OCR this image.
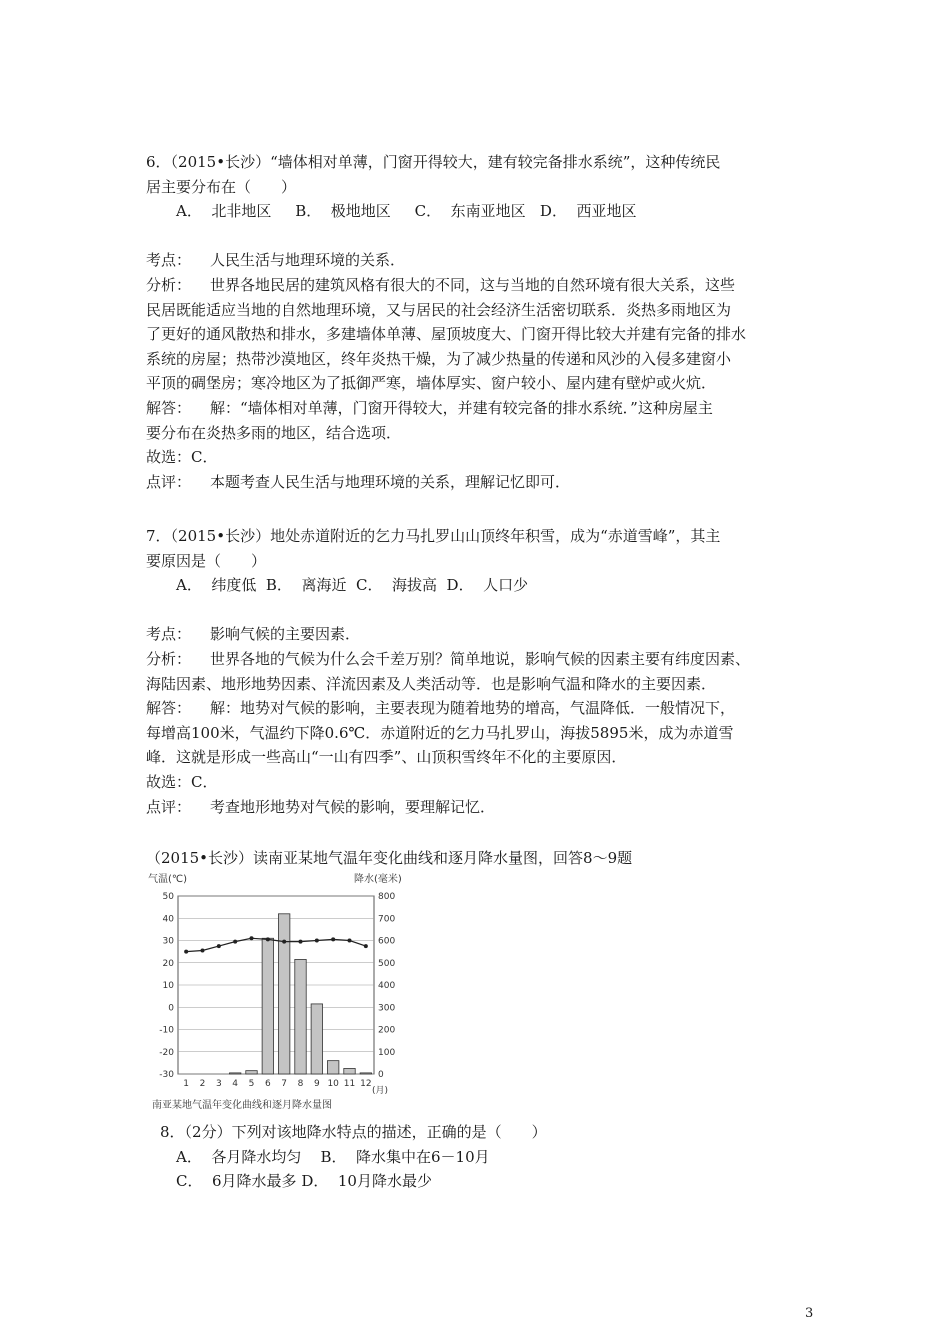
6．（2015•长沙）“墙体相对单薄，门窗开得较大，建有较完备排水系统”，这种传统民
居主要分布在（　　）
A．  北非地区     B．  极地地区     C．  东南亚地区   D．  西亚地区
考点： 人民生活与地理环境的关系．
分析： 世界各地民居的建筑风格有很大的不同，这与当地的自然环境有很大关系，这些
民居既能适应当地的自然地理环境，又与居民的社会经济生活密切联系．炎热多雨地区为
了更好的通风散热和排水，多建墙体单薄、屋顶坡度大、门窗开得比较大并建有完备的排水
系统的房屋；热带沙漠地区，终年炎热干燥，为了减少热量的传递和风沙的入侵多建窗小
平顶的碉堡房；寒冷地区为了抵御严寒，墙体厚实、窗户较小、屋内建有壁炉或火炕．
解答： 解：“墙体相对单薄，门窗开得较大，并建有较完备的排水系统．”这种房屋主
要分布在炎热多雨的地区，结合选项．
故选：C．
点评： 本题考查人民生活与地理环境的关系，理解记忆即可．
7．（2015•长沙）地处赤道附近的乞力马扎罗山山顶终年积雪，成为“赤道雪峰”，其主
要原因是（　　）
A．  纬度低  B．  离海近  C．  海拔高  D．  人口少
考点： 影响气候的主要因素．
分析： 世界各地的气候为什么会千差万别？简单地说，影响气候的因素主要有纬度因素、
海陆因素、地形地势因素、洋流因素及人类活动等．也是影响气温和降水的主要因素．
解答： 解：地势对气候的影响，主要表现为随着地势的增高，气温降低．一般情况下，
每增高100米，气温约下降0.6℃．赤道附近的乞力马扎罗山，海拔5895米，成为赤道雪
峰．这就是形成一些高山“一山有四季”、山顶积雪终年不化的主要原因．
故选：C．
点评： 考查地形地势对气候的影响，要理解记忆．
（2015•长沙）读南亚某地气温年变化曲线和逐月降水量图，回答8～9题
50
40
30
20
10
0
-10
-20
-30
800
700
600
500
400
300
200
100
0
1 2 3 4 5 6 7 8 9 10 11 12
气温(℃)	降水(毫米)
(月)
南亚某地气温年变化曲线和逐月降水量图
8．（2分）下列对该地降水特点的描述，正确的是（　　）
A．  各月降水均匀    B．  降水集中在6－10月
C．  6月降水最多 D．  10月降水最少
3
